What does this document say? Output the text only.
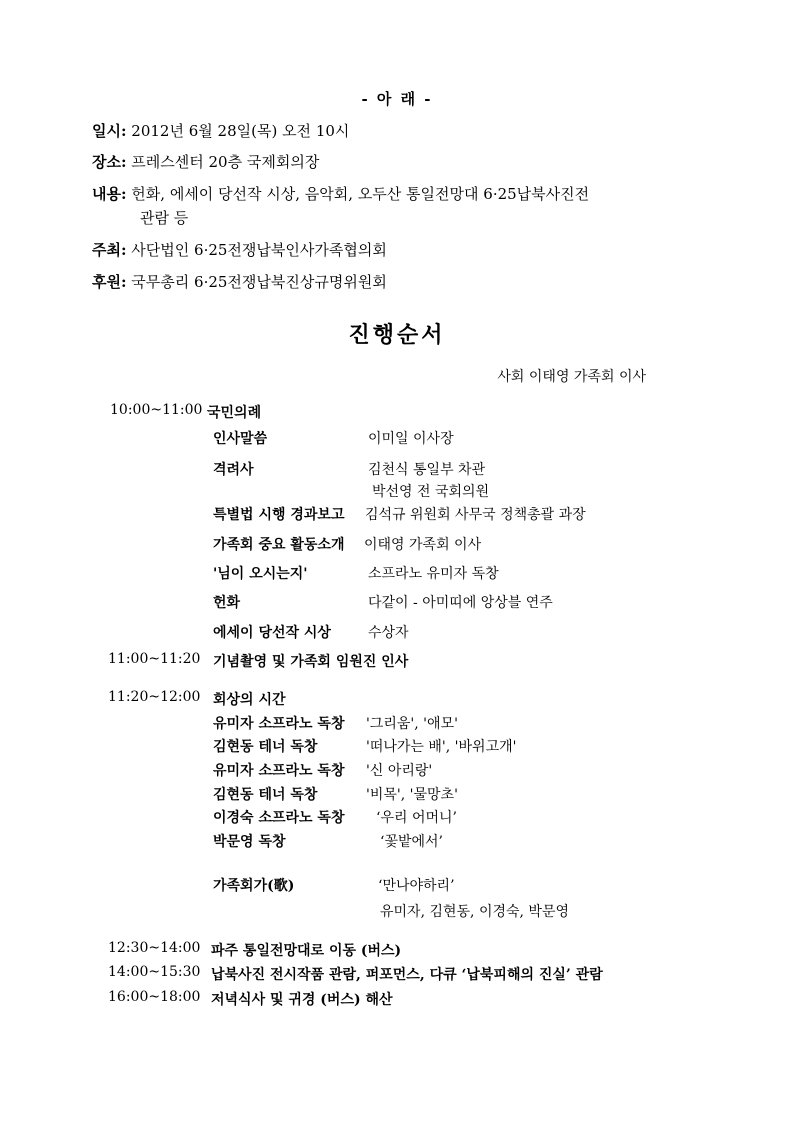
- 아 래 -
일시: 2012년 6월 28일(목) 오전 10시
장소: 프레스센터 20층 국제회의장
내용: 헌화, 에세이 당선작 시상, 음악회, 오두산 통일전망대 6·25납북사진전
관람 등
주최: 사단법인 6·25전쟁납북인사가족협의회
후원: 국무총리 6·25전쟁납북진상규명위원회
진행순서
사회 이태영 가족회 이사
10:00~11:00 국민의례
인사말씀	이미일 이사장
격려사	김천식 통일부 차관
박선영 전 국회의원
특별법 시행 경과보고 김석규 위원회 사무국 정책총괄 과장
가족회 중요 활동소개 이태영 가족회 이사
'님이 오시는지'	소프라노 유미자 독창
헌화	다같이 - 아미띠에 앙상블 연주
에세이 당선작 시상	수상자
11:00~11:20 기념촬영 및 가족회 임원진 인사
11:20~12:00 회상의 시간
유미자 소프라노 독창 '그리움', '애모'
김현동 테너 독창	'떠나가는 배', '바위고개'
유미자 소프라노 독창 '신 아리랑'
김현동 테너 독창	'비목', '물망초'
이경숙 소프라노 독창 ‘우리 어머니’
박문영 독창	‘꽃밭에서’
가족회가(歌)	‘만나야하리’
유미자, 김현동, 이경숙, 박문영
12:30~14:00 파주 통일전망대로 이동 (버스)
14:00~15:30 납북사진 전시작품 관람, 퍼포먼스, 다큐 ‘납북피해의 진실’ 관람
16:00~18:00 저녁식사 및 귀경 (버스) 해산
